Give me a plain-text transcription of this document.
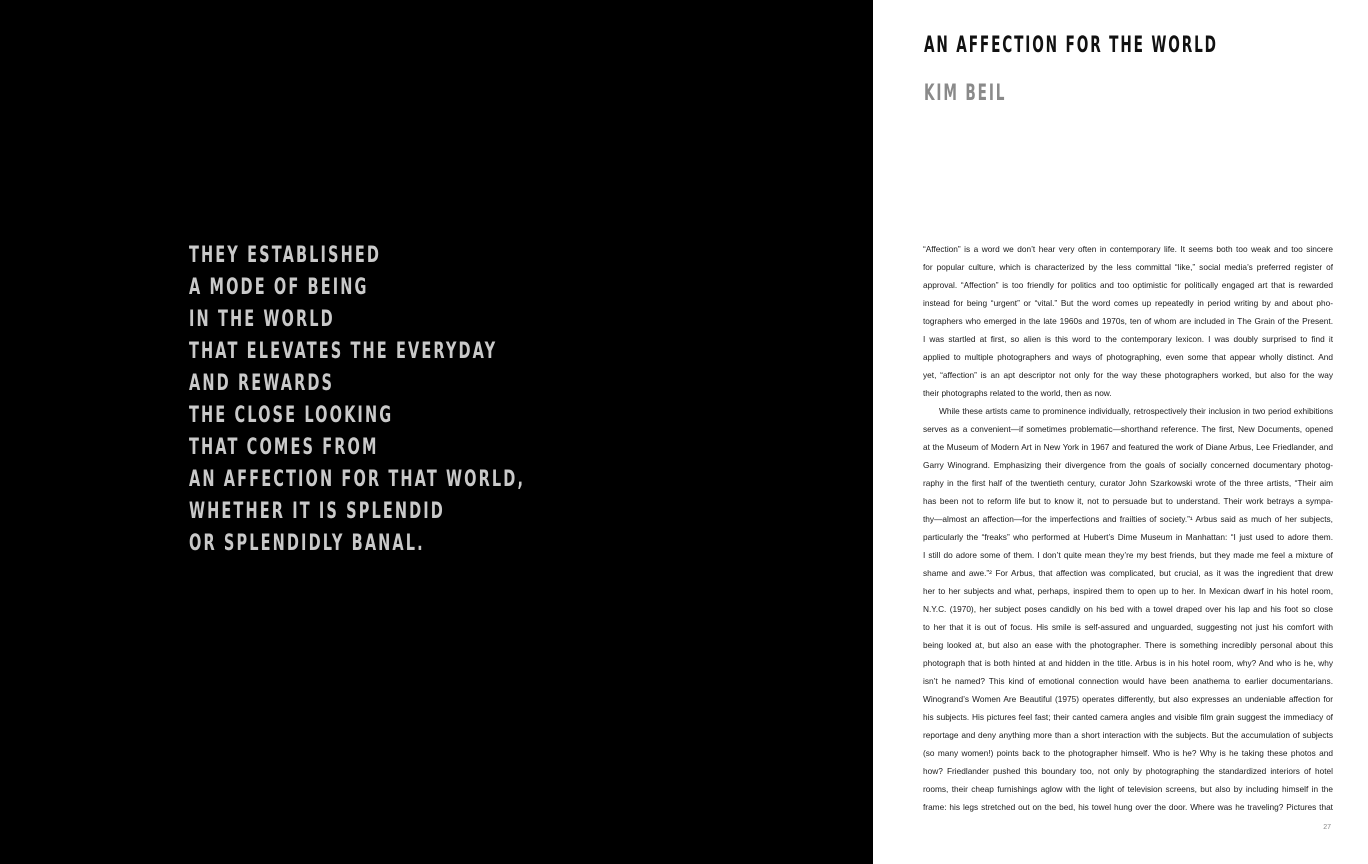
THEY ESTABLISHED
A MODE OF BEING
IN THE WORLD
THAT ELEVATES THE EVERYDAY
AND REWARDS
THE CLOSE LOOKING
THAT COMES FROM
AN AFFECTION FOR THAT WORLD,
WHETHER IT IS SPLENDID
OR SPLENDIDLY BANAL.
AN AFFECTION FOR THE WORLD
KIM BEIL
“Affection” is a word we don’t hear very often in contemporary life. It seems both too weak and too sincere
for popular culture, which is characterized by the less committal “like,” social media’s preferred register of
approval. “Affection” is too friendly for politics and too optimistic for politically engaged art that is rewarded
instead for being “urgent” or “vital.” But the word comes up repeatedly in period writing by and about pho-
tographers who emerged in the late 1960s and 1970s, ten of whom are included in The Grain of the Present.
I was startled at first, so alien is this word to the contemporary lexicon. I was doubly surprised to find it
applied to multiple photographers and ways of photographing, even some that appear wholly distinct. And
yet, “affection” is an apt descriptor not only for the way these photographers worked, but also for the way
their photographs related to the world, then as now.
While these artists came to prominence individually, retrospectively their inclusion in two period exhibitions
serves as a convenient—if sometimes problematic—shorthand reference. The first, New Documents, opened
at the Museum of Modern Art in New York in 1967 and featured the work of Diane Arbus, Lee Friedlander, and
Garry Winogrand. Emphasizing their divergence from the goals of socially concerned documentary photog-
raphy in the first half of the twentieth century, curator John Szarkowski wrote of the three artists, “Their aim
has been not to reform life but to know it, not to persuade but to understand. Their work betrays a sympa-
thy—almost an affection—for the imperfections and frailties of society.”¹ Arbus said as much of her subjects,
particularly the “freaks” who performed at Hubert’s Dime Museum in Manhattan: “I just used to adore them.
I still do adore some of them. I don’t quite mean they’re my best friends, but they made me feel a mixture of
shame and awe.”² For Arbus, that affection was complicated, but crucial, as it was the ingredient that drew
her to her subjects and what, perhaps, inspired them to open up to her. In Mexican dwarf in his hotel room,
N.Y.C. (1970), her subject poses candidly on his bed with a towel draped over his lap and his foot so close
to her that it is out of focus. His smile is self-assured and unguarded, suggesting not just his comfort with
being looked at, but also an ease with the photographer. There is something incredibly personal about this
photograph that is both hinted at and hidden in the title. Arbus is in his hotel room, why? And who is he, why
isn’t he named? This kind of emotional connection would have been anathema to earlier documentarians.
Winogrand’s Women Are Beautiful (1975) operates differently, but also expresses an undeniable affection for
his subjects. His pictures feel fast; their canted camera angles and visible film grain suggest the immediacy of
reportage and deny anything more than a short interaction with the subjects. But the accumulation of subjects
(so many women!) points back to the photographer himself. Who is he? Why is he taking these photos and
how? Friedlander pushed this boundary too, not only by photographing the standardized interiors of hotel
rooms, their cheap furnishings aglow with the light of television screens, but also by including himself in the
frame: his legs stretched out on the bed, his towel hung over the door. Where was he traveling? Pictures that
27
